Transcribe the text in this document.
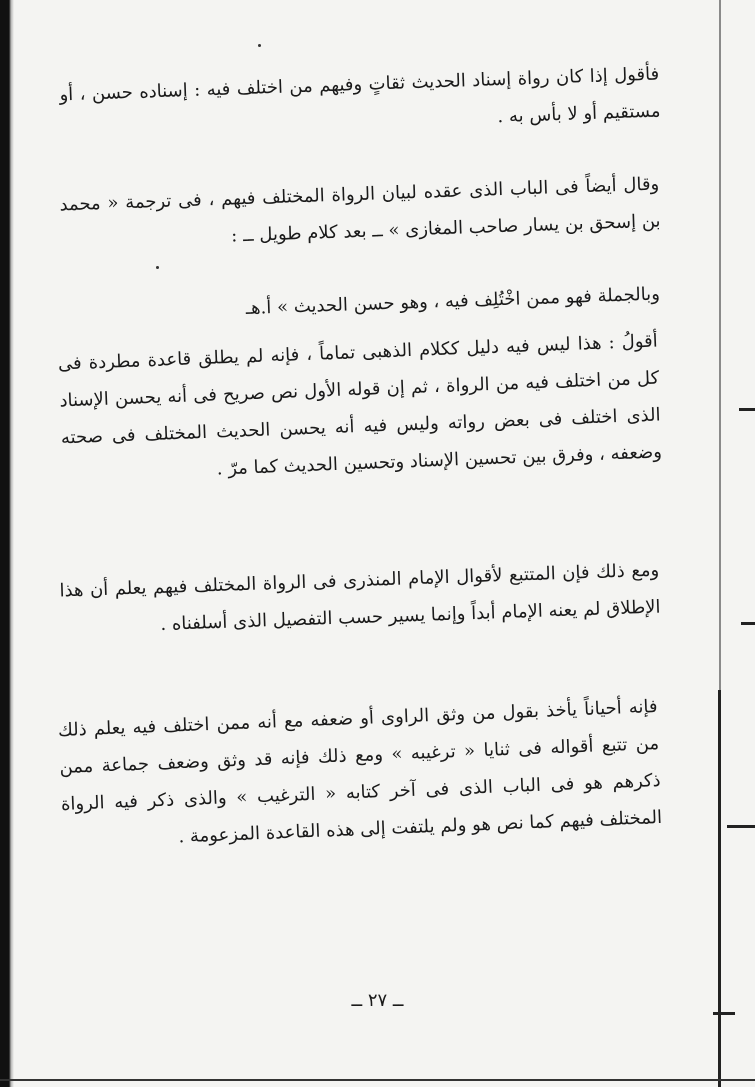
فأقول إذا كان رواة إسناد الحديث ثقاتٍ وفيهم من اختلف فيه : إسناده حسن ، أو مستقيم أو لا بأس به .

وقال أيضاً فى الباب الذى عقده لبيان الرواة المختلف فيهم ، فى ترجمة « محمد بن إسحق بن يسار صاحب المغازى » ــ بعد كلام طويل ــ :

وبالجملة فهو ممن اخْتُلِف فيه ، وهو حسن الحديث » أ.هـ

أقولُ : هذا ليس فيه دليل ككلام الذهبى تماماً ، فإنه لم يطلق قاعدة مطردة فى كل من اختلف فيه من الرواة ، ثم إن قوله الأول نص صريح فى أنه يحسن الإسناد الذى اختلف فى بعض رواته وليس فيه أنه يحسن الحديث المختلف فى صحته وضعفه ، وفرق بين تحسين الإسناد وتحسين الحديث كما مرّ .

ومع ذلك فإن المتتبع لأقوال الإمام المنذرى فى الرواة المختلف فيهم يعلم أن هذا الإطلاق لم يعنه الإمام أبداً وإنما يسير حسب التفصيل الذى أسلفناه .

فإنه أحياناً يأخذ بقول من وثق الراوى أو ضعفه مع أنه ممن اختلف فيه يعلم ذلك من تتبع أقواله فى ثنايا « ترغيبه » ومع ذلك فإنه قد وثق وضعف جماعة ممن ذكرهم هو فى الباب الذى فى آخر كتابه « الترغيب » والذى ذكر فيه الرواة المختلف فيهم كما نص هو ولم يلتفت إلى هذه القاعدة المزعومة .

ــ ٢٧ ــ
